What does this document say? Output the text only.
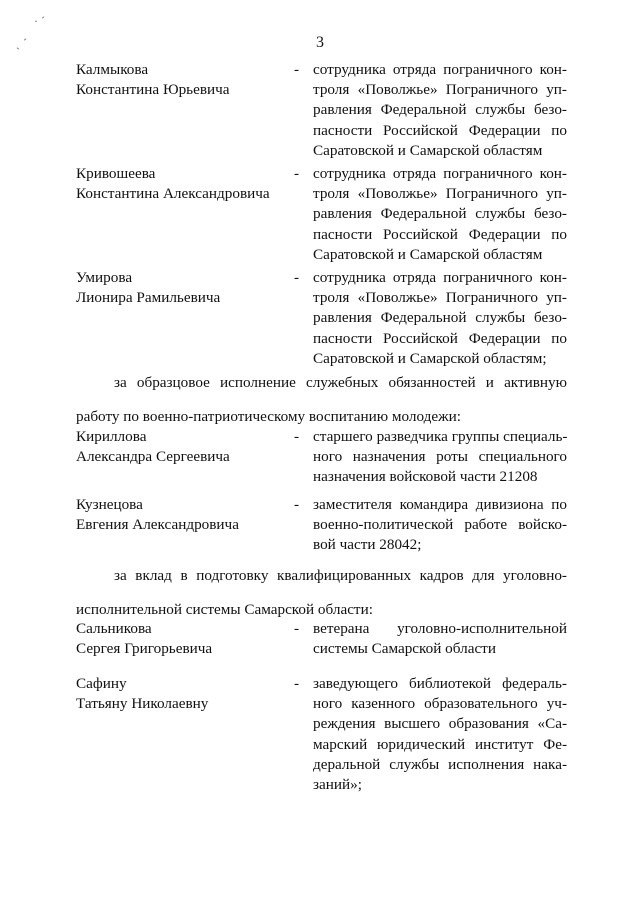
· ˊ
ˏ ˊ	3
Калмыкова
Константина Юрьевича
- сотрудника отряда пограничного кон-
троля «Поволжье» Пограничного уп-
равления Федеральной службы безо-
пасности Российской Федерации по
Саратовской и Самарской областям
Кривошеева
Константина Александровича
- сотрудника отряда пограничного кон-
троля «Поволжье» Пограничного уп-
равления Федеральной службы безо-
пасности Российской Федерации по
Саратовской и Самарской областям
Умирова
Лионира Рамильевича
- сотрудника отряда пограничного кон-
троля «Поволжье» Пограничного уп-
равления Федеральной службы безо-
пасности Российской Федерации по
Саратовской и Самарской областям;
за образцовое исполнение служебных обязанностей и активную
работу по военно-патриотическому воспитанию молодежи:
Кириллова
Александра Сергеевича
- старшего разведчика группы специаль-
ного назначения роты специального
назначения войсковой части 21208
Кузнецова
Евгения Александровича
- заместителя командира дивизиона по
военно-политической работе войско-
вой части 28042;
за вклад в подготовку квалифицированных кадров для уголовно-
исполнительной системы Самарской области:
Сальникова
Сергея Григорьевича
- ветерана уголовно-исполнительной
системы Самарской области
Сафину
Татьяну Николаевну
- заведующего библиотекой федераль-
ного казенного образовательного уч-
реждения высшего образования «Са-
марский юридический институт Фе-
деральной службы исполнения нака-
заний»;
